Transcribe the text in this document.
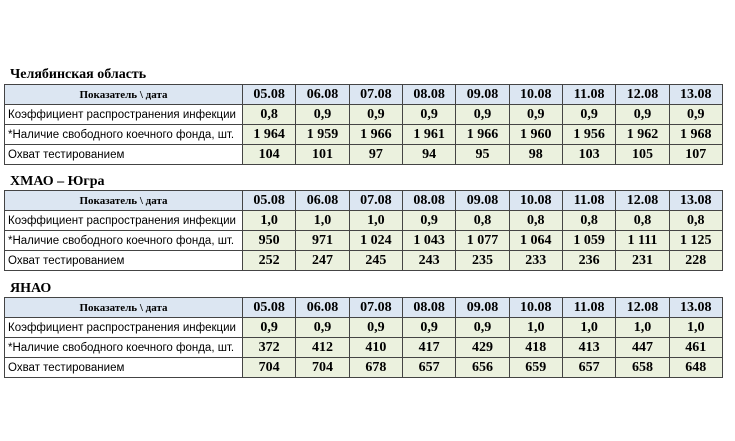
Челябинская область
Показатель \ дата	05.08	06.08	07.08	08.08	09.08	10.08	11.08	12.08	13.08
Коэффициент распространения инфекции	0,8	0,9	0,9	0,9	0,9	0,9	0,9	0,9	0,9
*Наличие свободного коечного фонда, шт.	1 964	1 959	1 966	1 961	1 966	1 960	1 956	1 962	1 968
Охват тестированием	104	101	97	94	95	98	103	105	107
ХМАО – Югра
Показатель \ дата	05.08	06.08	07.08	08.08	09.08	10.08	11.08	12.08	13.08
Коэффициент распространения инфекции	1,0	1,0	1,0	0,9	0,8	0,8	0,8	0,8	0,8
*Наличие свободного коечного фонда, шт.	950	971	1 024	1 043	1 077	1 064	1 059	1 111	1 125
Охват тестированием	252	247	245	243	235	233	236	231	228
ЯНАО
Показатель \ дата	05.08	06.08	07.08	08.08	09.08	10.08	11.08	12.08	13.08
Коэффициент распространения инфекции	0,9	0,9	0,9	0,9	0,9	1,0	1,0	1,0	1,0
*Наличие свободного коечного фонда, шт.	372	412	410	417	429	418	413	447	461
Охват тестированием	704	704	678	657	656	659	657	658	648
